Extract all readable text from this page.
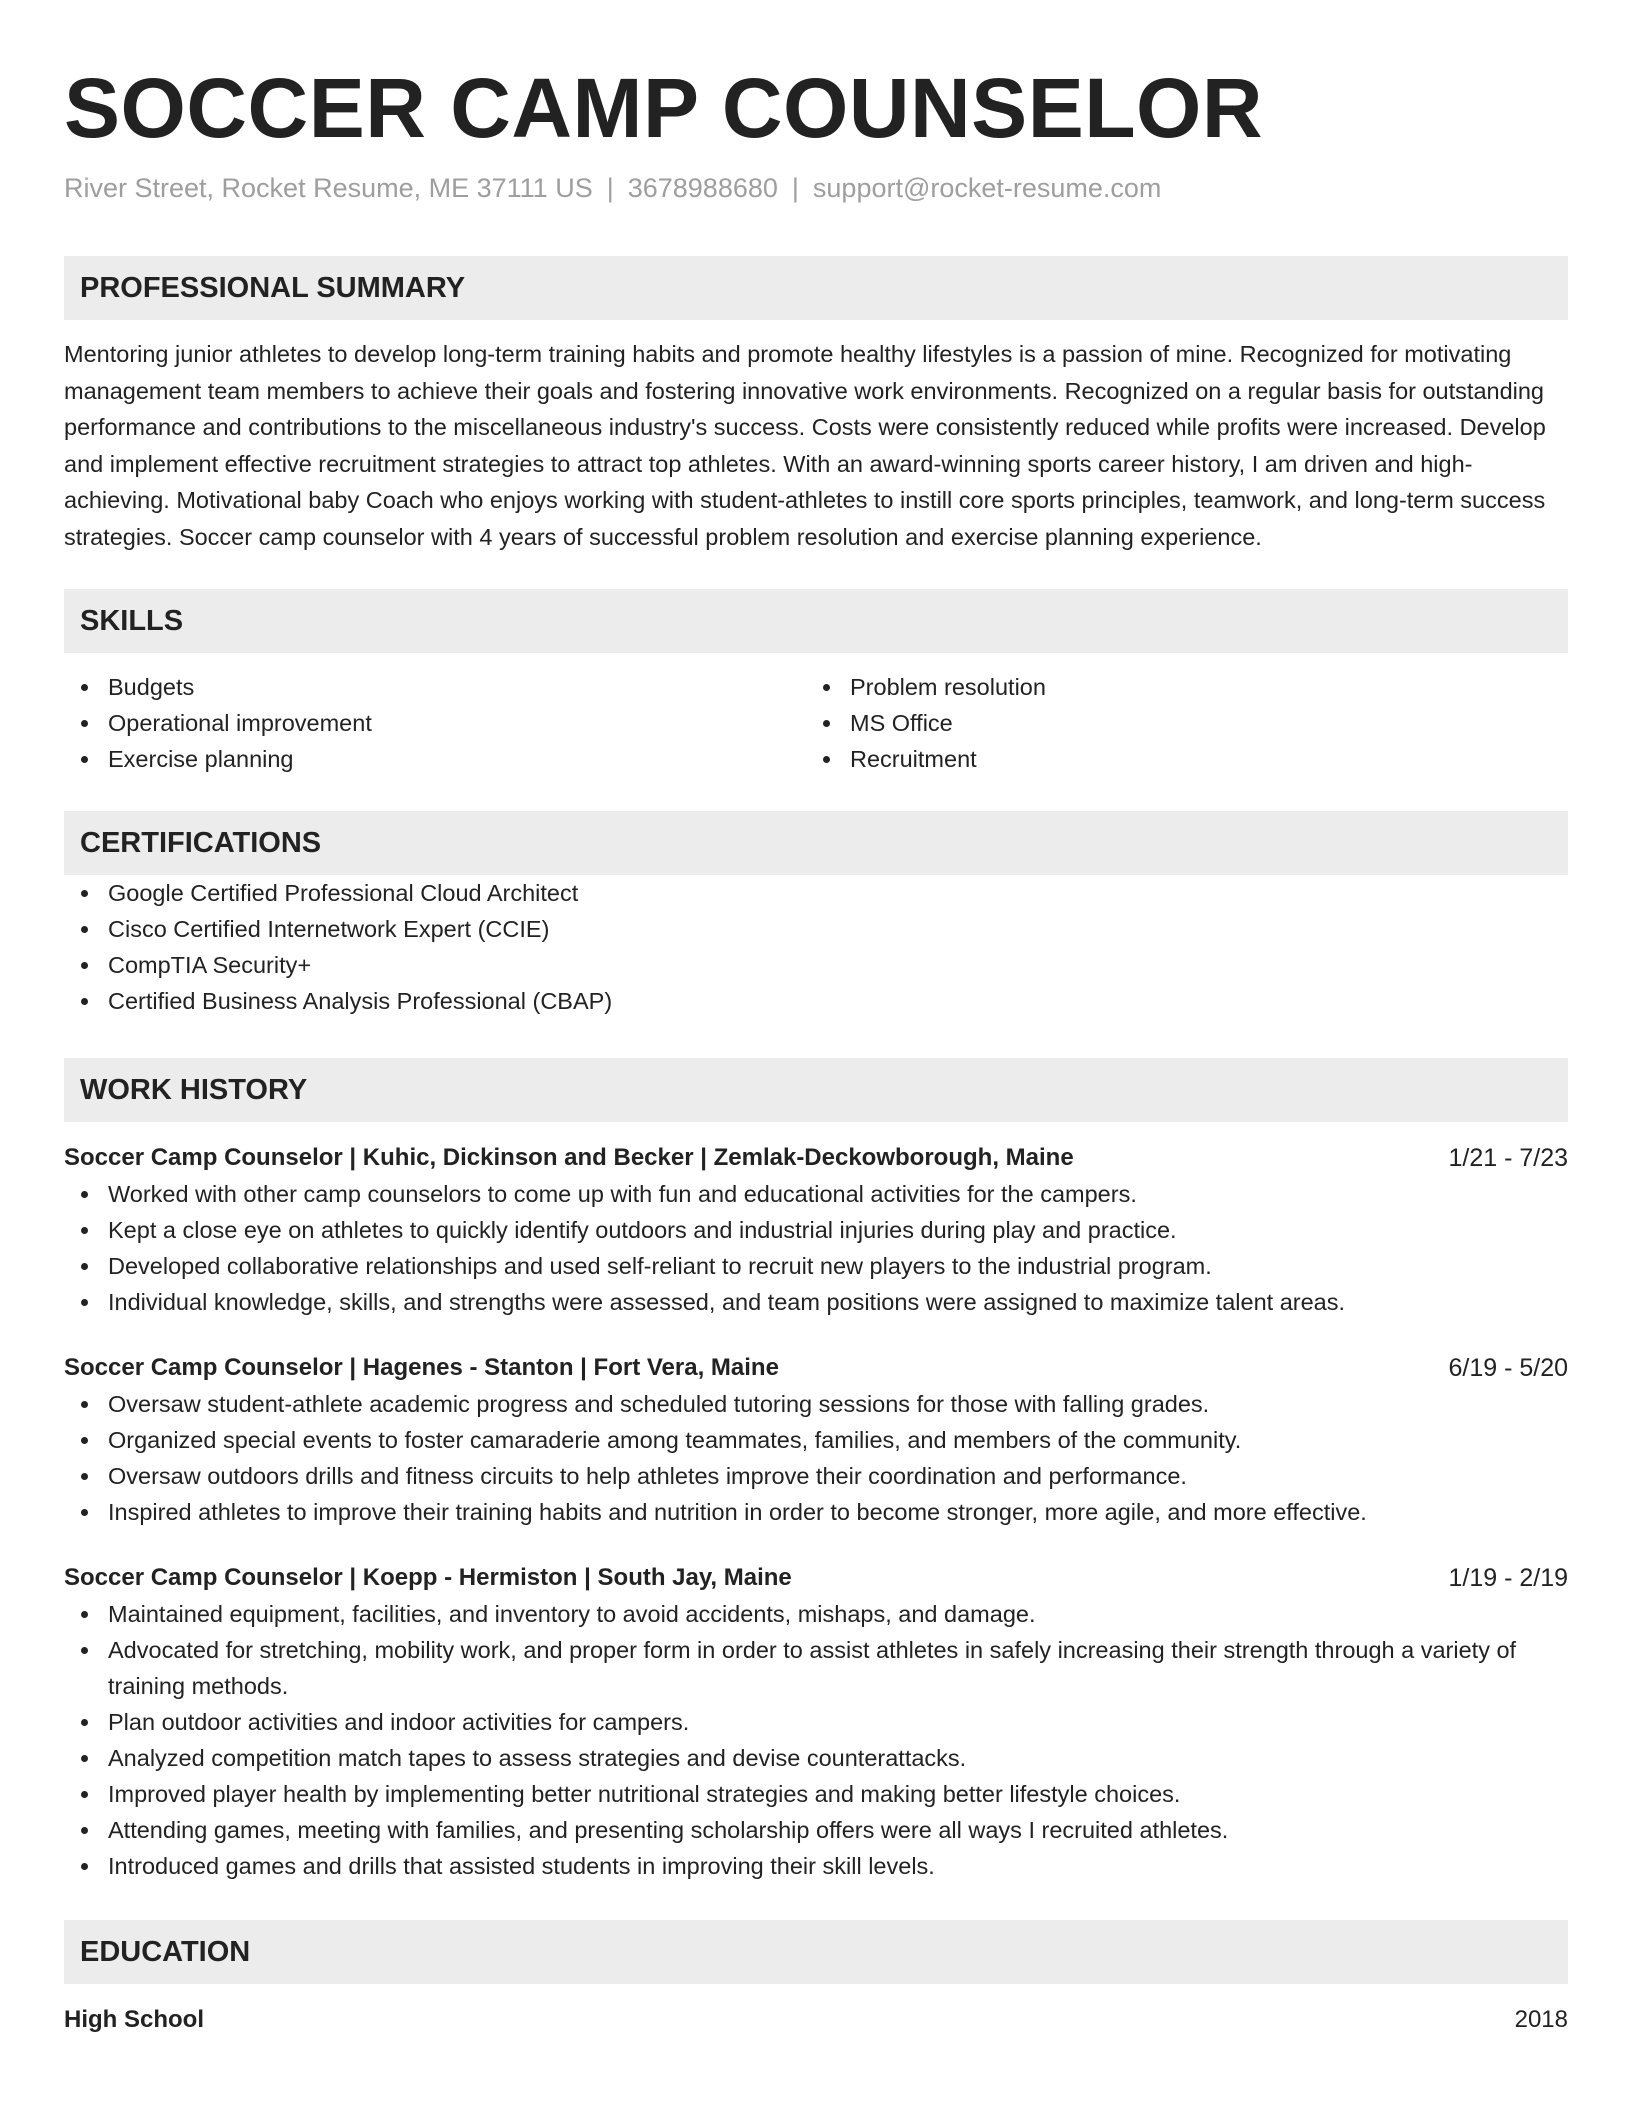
SOCCER CAMP COUNSELOR
River Street, Rocket Resume, ME 37111 US | 3678988680 | support@rocket-resume.com
PROFESSIONAL SUMMARY

Mentoring junior athletes to develop long-term training habits and promote healthy lifestyles is a passion of mine. Recognized for motivating management team members to achieve their goals and fostering innovative work environments. Recognized on a regular basis for outstanding performance and contributions to the miscellaneous industry's success. Costs were consistently reduced while profits were increased. Develop and implement effective recruitment strategies to attract top athletes. With an award-winning sports career history, I am driven and high-achieving. Motivational baby Coach who enjoys working with student-athletes to instill core sports principles, teamwork, and long-term success strategies. Soccer camp counselor with 4 years of successful problem resolution and exercise planning experience.

SKILLS
Budgets
Operational improvement
Exercise planning
Problem resolution
MS Office
Recruitment
CERTIFICATIONS
Google Certified Professional Cloud Architect
Cisco Certified Internetwork Expert (CCIE)
CompTIA Security+
Certified Business Analysis Professional (CBAP)
WORK HISTORY
Soccer Camp Counselor | Kuhic, Dickinson and Becker | Zemlak-Deckowborough, Maine	1/21 - 7/23
Worked with other camp counselors to come up with fun and educational activities for the campers.
Kept a close eye on athletes to quickly identify outdoors and industrial injuries during play and practice.
Developed collaborative relationships and used self-reliant to recruit new players to the industrial program.
Individual knowledge, skills, and strengths were assessed, and team positions were assigned to maximize talent areas.
Soccer Camp Counselor | Hagenes - Stanton | Fort Vera, Maine	6/19 - 5/20
Oversaw student-athlete academic progress and scheduled tutoring sessions for those with falling grades.
Organized special events to foster camaraderie among teammates, families, and members of the community.
Oversaw outdoors drills and fitness circuits to help athletes improve their coordination and performance.
Inspired athletes to improve their training habits and nutrition in order to become stronger, more agile, and more effective.
Soccer Camp Counselor | Koepp - Hermiston | South Jay, Maine	1/19 - 2/19
Maintained equipment, facilities, and inventory to avoid accidents, mishaps, and damage.
Advocated for stretching, mobility work, and proper form in order to assist athletes in safely increasing their strength through a variety of training methods.
Plan outdoor activities and indoor activities for campers.
Analyzed competition match tapes to assess strategies and devise counterattacks.
Improved player health by implementing better nutritional strategies and making better lifestyle choices.
Attending games, meeting with families, and presenting scholarship offers were all ways I recruited athletes.
Introduced games and drills that assisted students in improving their skill levels.
EDUCATION
High School	2018
